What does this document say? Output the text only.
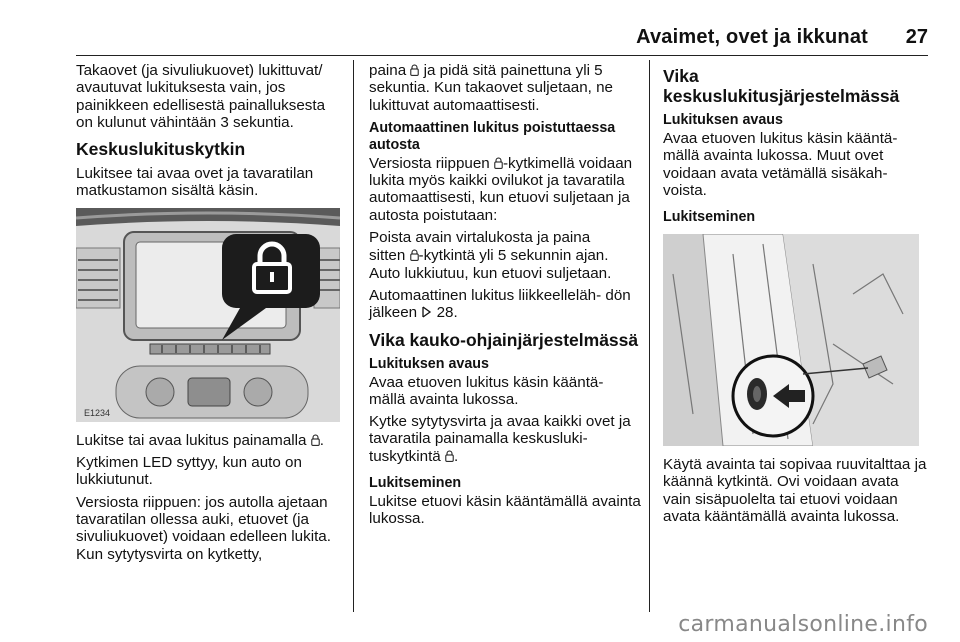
Avaimet, ovet ja ikkunat 27

Takaovet (ja sivuliukuovet) lukittuvat/ avautuvat lukituksesta vain, jos painikkeen edellisestä painalluksesta on kulunut vähintään 3 sekuntia.

Keskuslukituskytkin

Lukitsee tai avaa ovet ja tavaratilan matkustamon sisältä käsin.

E1234

Lukitse tai avaa lukitus painamalla .

Kytkimen LED syttyy, kun auto on lukkiutunut.

Versiosta riippuen: jos autolla ajetaan tavaratilan ollessa auki, etuovet (ja sivuliukuovet) voidaan edelleen lukita. Kun sytytysvirta on kytketty,

paina  ja pidä sitä painettuna yli 5 sekuntia. Kun takaovet suljetaan, ne lukittuvat automaattisesti.

Automaattinen lukitus poistuttaessa autosta

Versiosta riippuen -kytkimellä voidaan lukita myös kaikki ovilukot ja tavaratila automaattisesti, kun etuovi suljetaan ja autosta poistutaan:

Poista avain virtalukosta ja paina

sitten -kytkintä yli 5 sekunnin ajan. Auto lukkiutuu, kun etuovi suljetaan.

Automaattinen lukitus liikkeelleläh- dön jälkeen  28.

Vika kauko-ohjainjärjestelmässä
Lukituksen avaus

Avaa etuoven lukitus käsin kääntä- mällä avainta lukossa.

Kytke sytytysvirta ja avaa kaikki ovet ja tavaratila painamalla keskusluki- tuskytkintä .

Lukitseminen

Lukitse etuovi käsin kääntämällä avainta lukossa.

Vika keskuslukitusjärjestelmässä
Lukituksen avaus

Avaa etuoven lukitus käsin kääntä- mällä avainta lukossa. Muut ovet voidaan avata vetämällä sisäkah- voista.

Lukitseminen

Käytä avainta tai sopivaa ruuvitalttaa ja käännä kytkintä. Ovi voidaan avata vain sisäpuolelta tai etuovi voidaan avata kääntämällä avainta lukossa.

carmanualsonline.info
